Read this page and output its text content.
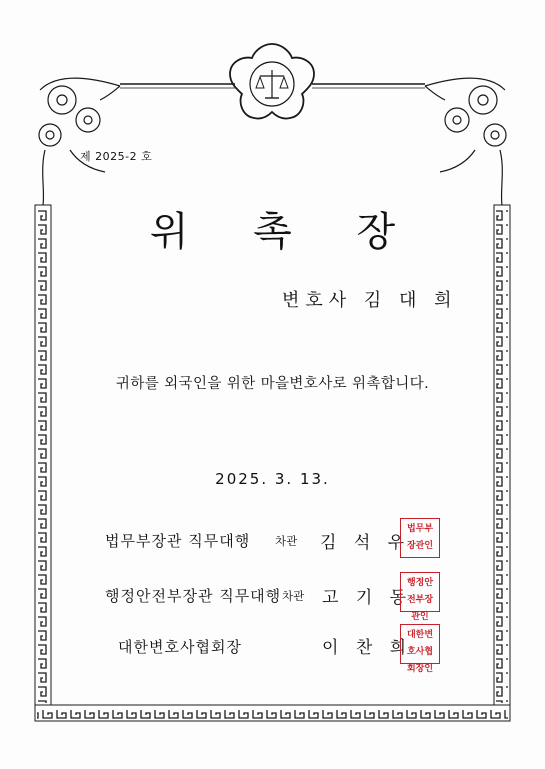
제 2025-2 호
위 촉 장
변호사 김 대 희
귀하를 외국인을 위한 마을변호사로 위촉합니다.
2025. 3. 13.
법무부장관 직무대행 차관 김 석 우
법무부장관인
행정안전부장관 직무대행 차관 고 기 동
행정안전부장관인
대한변호사협회장	이 찬 희
대한변호사협회장인
